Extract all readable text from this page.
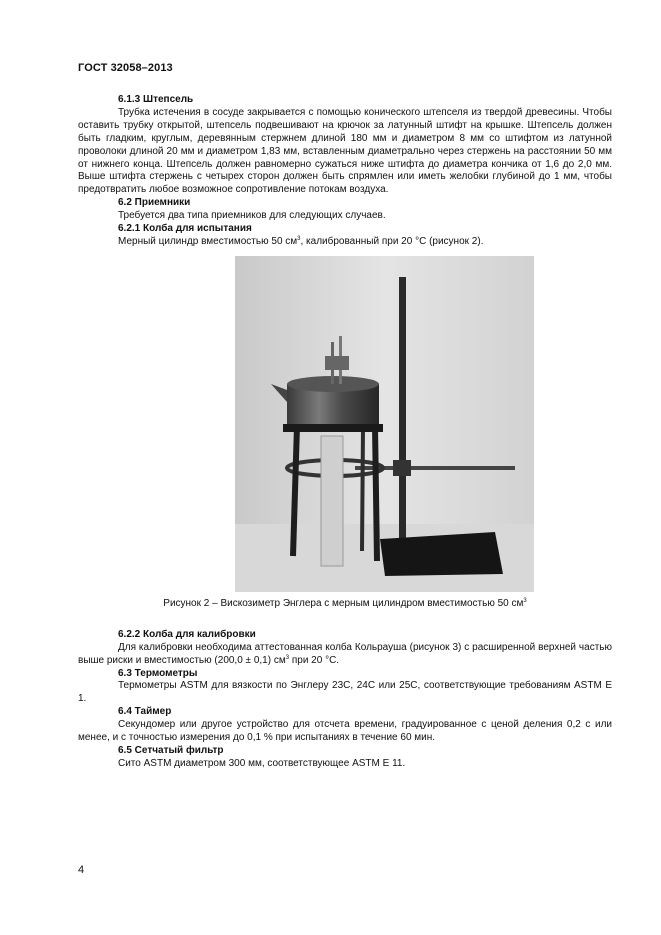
ГОСТ 32058–2013

6.1.3 Штепсель

Трубка истечения в сосуде закрывается с помощью конического штепселя из твердой древесины. Чтобы оставить трубку открытой, штепсель подвешивают на крючок за латунный штифт на крышке. Штепсель должен быть гладким, круглым, деревянным стержнем длиной 180 мм и диаметром 8 мм со штифтом из латунной проволоки длиной 20 мм и диаметром 1,83 мм, вставленным диаметрально через стержень на расстоянии 50 мм от нижнего конца. Штепсель должен равномерно сужаться ниже штифта до диаметра кончика от 1,6 до 2,0 мм. Выше штифта стержень с четырех сторон должен быть спрямлен или иметь желобки глубиной до 1 мм, чтобы предотвратить любое возможное сопротивление потокам воздуха.

6.2 Приемники

Требуется два типа приемников для следующих случаев.

6.2.1 Колба для испытания

Мерный цилиндр вместимостью 50 $см^3$, калиброванный при 20 °С (рисунок 2).

Рисунок 2 – Вискозиметр Энглера с мерным цилиндром вместимостью 50 $см^3$

6.2.2 Колба для калибровки

Для калибровки необходима аттестованная колба Кольрауша (рисунок 3) с расширенной верхней частью выше риски и вместимостью (200,0 ± 0,1) $см^3$ при 20 °С.

6.3 Термометры

Термометры ASTM для вязкости по Энглеру 23С, 24С или 25С, соответствующие требованиям ASTM E 1.

6.4 Таймер

Секундомер или другое устройство для отсчета времени, градуированное с ценой деления 0,2 с или менее, и с точностью измерения до 0,1 % при испытаниях в течение 60 мин.

6.5 Сетчатый фильтр

Сито ASTM диаметром 300 мм, соответствующее ASTM E 11.

4
